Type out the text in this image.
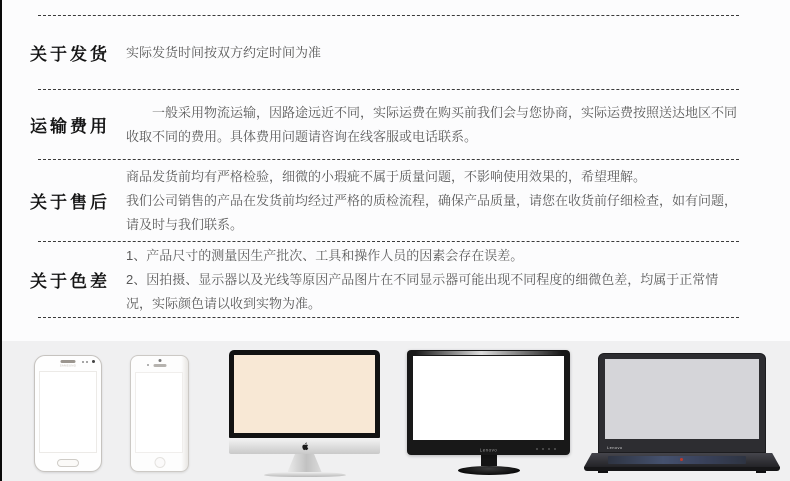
关于发货	实际发货时间按双方约定时间为准

运输费用

一般采用物流运输，因路途远近不同，实际运费在购买前我们会与您协商，实际运费按照送达地区不同收取不同的费用。具体费用问题请咨询在线客服或电话联系。

关于售后

商品发货前均有严格检验，细微的小瑕疵不属于质量问题，不影响使用效果的，希望理解。

我们公司销售的产品在发货前均经过严格的质检流程，确保产品质量，请您在收货前仔细检查，如有问题，请及时与我们联系。

关于色差

1、产品尺寸的测量因生产批次、工具和操作人员的因素会存在误差。

2、因拍摄、显示器以及光线等原因产品图片在不同显示器可能出现不同程度的细微色差，均属于正常情况，实际颜色请以收到实物为准。

SAMSUNG
Lenovo
Lenovo
